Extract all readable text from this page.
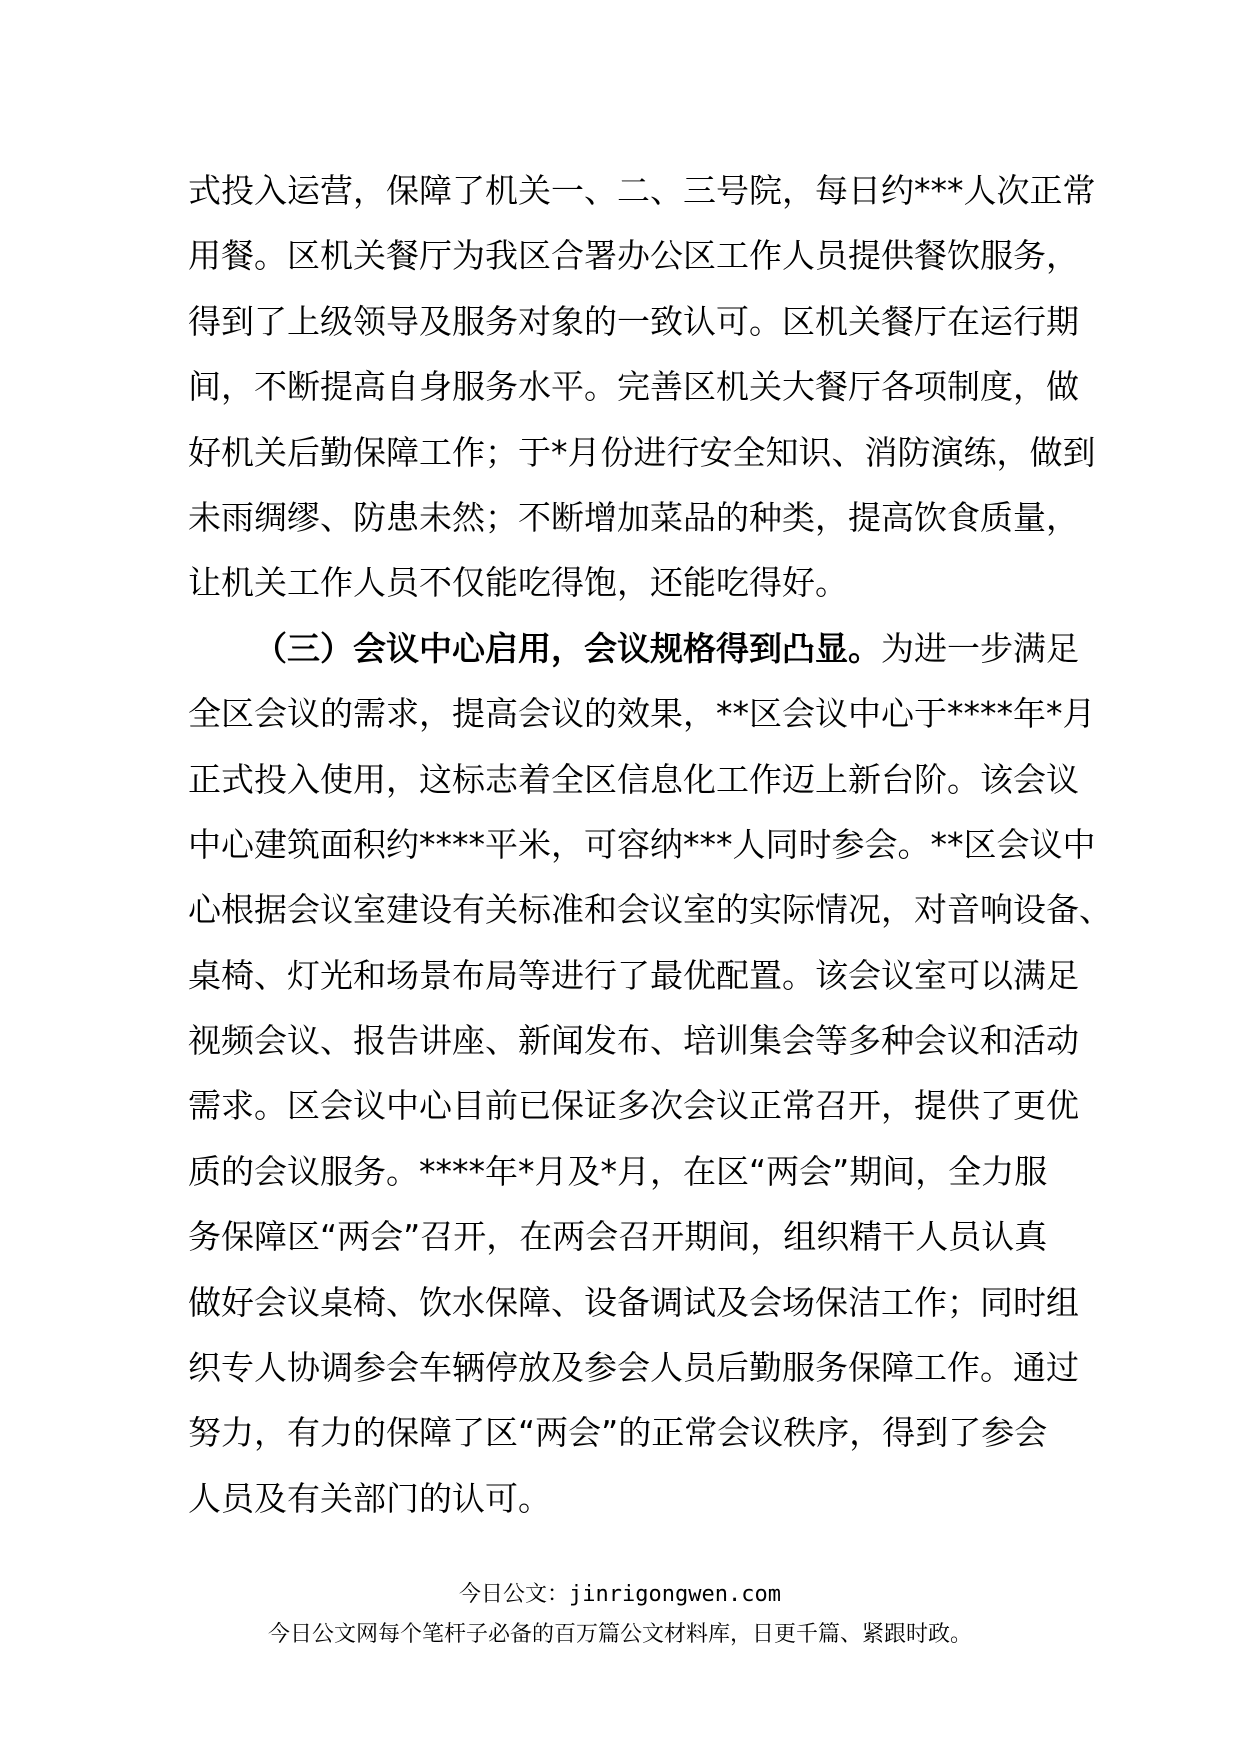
式投入运营，保障了机关一、二、三号院，每日约***人次正常
用餐。区机关餐厅为我区合署办公区工作人员提供餐饮服务，
得到了上级领导及服务对象的一致认可。区机关餐厅在运行期
间，不断提高自身服务水平。完善区机关大餐厅各项制度，做
好机关后勤保障工作；于*月份进行安全知识、消防演练，做到
未雨绸缪、防患未然；不断增加菜品的种类，提高饮食质量，
让机关工作人员不仅能吃得饱，还能吃得好。
（三）会议中心启用，会议规格得到凸显。为进一步满足
全区会议的需求，提高会议的效果，**区会议中心于****年*月
正式投入使用，这标志着全区信息化工作迈上新台阶。该会议
中心建筑面积约****平米，可容纳***人同时参会。**区会议中
心根据会议室建设有关标准和会议室的实际情况，对音响设备、
桌椅、灯光和场景布局等进行了最优配置。该会议室可以满足
视频会议、报告讲座、新闻发布、培训集会等多种会议和活动
需求。区会议中心目前已保证多次会议正常召开，提供了更优
质的会议服务。****年*月及*月，在区“两会”期间，全力服
务保障区“两会”召开，在两会召开期间，组织精干人员认真
做好会议桌椅、饮水保障、设备调试及会场保洁工作；同时组
织专人协调参会车辆停放及参会人员后勤服务保障工作。通过
努力，有力的保障了区“两会”的正常会议秩序，得到了参会
人员及有关部门的认可。
今日公文：jinrigongwen.com
今日公文网每个笔杆子必备的百万篇公文材料库，日更千篇、紧跟时政。
